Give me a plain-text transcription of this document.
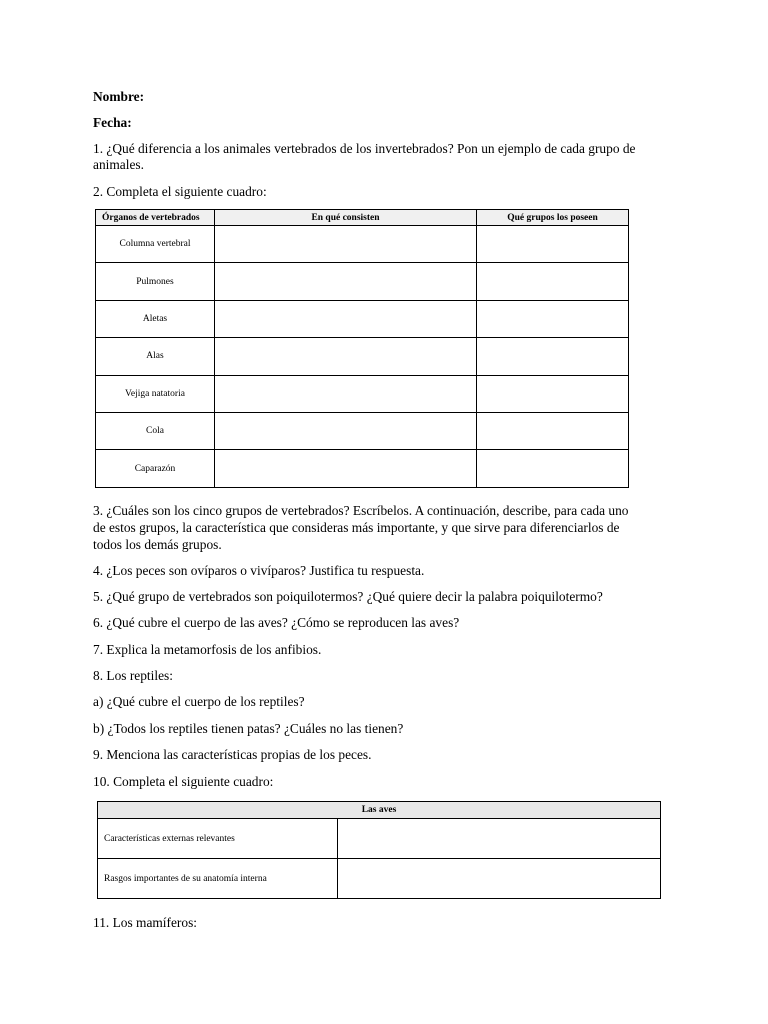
Nombre:
Fecha:
1. ¿Qué diferencia a los animales vertebrados de los invertebrados? Pon un ejemplo de cada grupo de
animales.
2. Completa el siguiente cuadro:
Órganos de vertebrados	En qué consisten	Qué grupos los poseen
Columna vertebral		
Pulmones		
Aletas		
Alas		
Vejiga natatoria		
Cola		
Caparazón		
3. ¿Cuáles son los cinco grupos de vertebrados? Escríbelos. A continuación, describe, para cada uno
de estos grupos, la característica que consideras más importante, y que sirve para diferenciarlos de
todos los demás grupos.
4. ¿Los peces son ovíparos o vivíparos? Justifica tu respuesta.
5. ¿Qué grupo de vertebrados son poiquilotermos? ¿Qué quiere decir la palabra poiquilotermo?
6. ¿Qué cubre el cuerpo de las aves? ¿Cómo se reproducen las aves?
7. Explica la metamorfosis de los anfibios.
8. Los reptiles:
a) ¿Qué cubre el cuerpo de los reptiles?
b) ¿Todos los reptiles tienen patas? ¿Cuáles no las tienen?
9. Menciona las características propias de los peces.
10. Completa el siguiente cuadro:
Las aves	
Características externas relevantes	
Rasgos importantes de su anatomía interna	
11. Los mamíferos:
